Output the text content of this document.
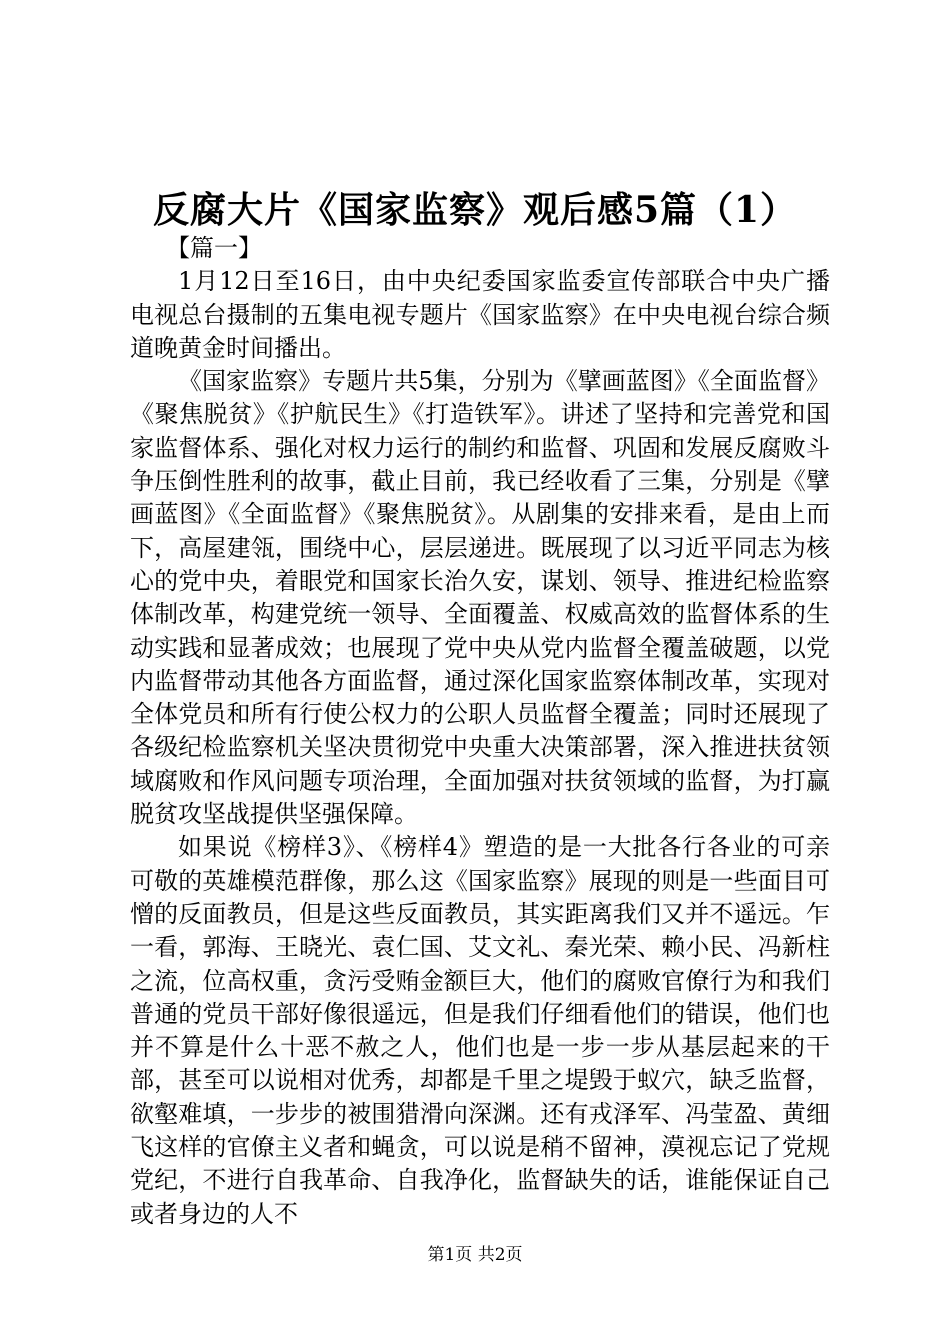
反腐大片《国家监察》观后感5篇（1）

【篇一】

1月12日至16日，由中央纪委国家监委宣传部联合中央广播电视总台摄制的五集电视专题片《国家监察》在中央电视台综合频道晚黄金时间播出。

《国家监察》专题片共5集，分别为《擘画蓝图》《全面监督》《聚焦脱贫》《护航民生》《打造铁军》。讲述了坚持和完善党和国家监督体系、强化对权力运行的制约和监督、巩固和发展反腐败斗争压倒性胜利的故事，截止目前，我已经收看了三集，分别是《擘画蓝图》《全面监督》《聚焦脱贫》。从剧集的安排来看，是由上而下，高屋建瓴，围绕中心，层层递进。既展现了以习近平同志为核心的党中央，着眼党和国家长治久安，谋划、领导、推进纪检监察体制改革，构建党统一领导、全面覆盖、权威高效的监督体系的生动实践和显著成效；也展现了党中央从党内监督全覆盖破题，以党内监督带动其他各方面监督，通过深化国家监察体制改革，实现对全体党员和所有行使公权力的公职人员监督全覆盖；同时还展现了各级纪检监察机关坚决贯彻党中央重大决策部署，深入推进扶贫领域腐败和作风问题专项治理，全面加强对扶贫领域的监督，为打赢脱贫攻坚战提供坚强保障。

如果说《榜样3》、《榜样4》塑造的是一大批各行各业的可亲可敬的英雄模范群像，那么这《国家监察》展现的则是一些面目可憎的反面教员，但是这些反面教员，其实距离我们又并不遥远。乍一看，郭海、王晓光、袁仁国、艾文礼、秦光荣、赖小民、冯新柱之流，位高权重，贪污受贿金额巨大，他们的腐败官僚行为和我们普通的党员干部好像很遥远，但是我们仔细看他们的错误，他们也并不算是什么十恶不赦之人，他们也是一步一步从基层起来的干部，甚至可以说相对优秀，却都是千里之堤毁于蚁穴，缺乏监督，欲壑难填，一步步的被围猎滑向深渊。还有戎泽军、冯莹盈、黄细飞这样的官僚主义者和蝇贪，可以说是稍不留神，漠视忘记了党规党纪，不进行自我革命、自我净化，监督缺失的话，谁能保证自己或者身边的人不

第1页 共2页
